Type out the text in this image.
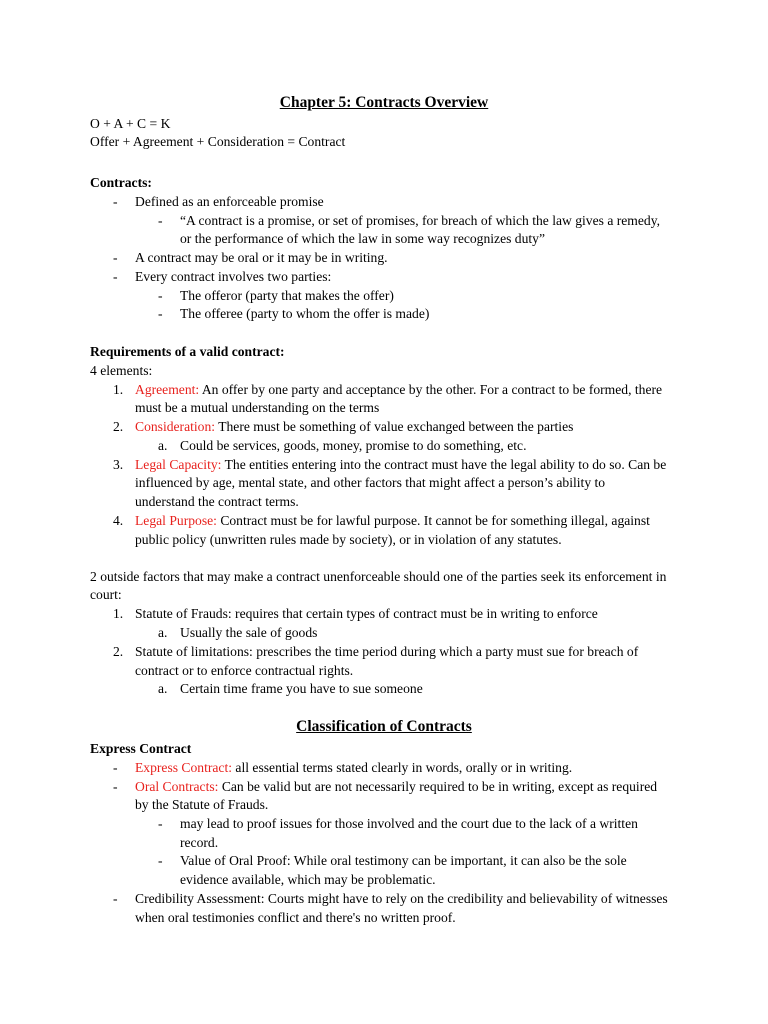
Chapter 5: Contracts Overview
O + A + C = K
Offer + Agreement + Consideration = Contract
Contracts:
- Defined as an enforceable promise
- “A contract is a promise, or set of promises, for breach of which the law gives a remedy,
or the performance of which the law in some way recognizes duty”
- A contract may be oral or it may be in writing.
- Every contract involves two parties:
- The offeror (party that makes the offer)
- The offeree (party to whom the offer is made)
Requirements of a valid contract:
4 elements:
1. Agreement: An offer by one party and acceptance by the other. For a contract to be formed, there
must be a mutual understanding on the terms
2. Consideration: There must be something of value exchanged between the parties
a. Could be services, goods, money, promise to do something, etc.
3. Legal Capacity: The entities entering into the contract must have the legal ability to do so. Can be
influenced by age, mental state, and other factors that might affect a person’s ability to
understand the contract terms.
4. Legal Purpose: Contract must be for lawful purpose. It cannot be for something illegal, against
public policy (unwritten rules made by society), or in violation of any statutes.
2 outside factors that may make a contract unenforceable should one of the parties seek its enforcement in
court:
1. Statute of Frauds: requires that certain types of contract must be in writing to enforce
a. Usually the sale of goods
2. Statute of limitations: prescribes the time period during which a party must sue for breach of
contract or to enforce contractual rights.
a. Certain time frame you have to sue someone
Classification of Contracts
Express Contract
- Express Contract: all essential terms stated clearly in words, orally or in writing.
- Oral Contracts: Can be valid but are not necessarily required to be in writing, except as required
by the Statute of Frauds.
- may lead to proof issues for those involved and the court due to the lack of a written
record.
- Value of Oral Proof: While oral testimony can be important, it can also be the sole
evidence available, which may be problematic.
- Credibility Assessment: Courts might have to rely on the credibility and believability of witnesses
when oral testimonies conflict and there's no written proof.
